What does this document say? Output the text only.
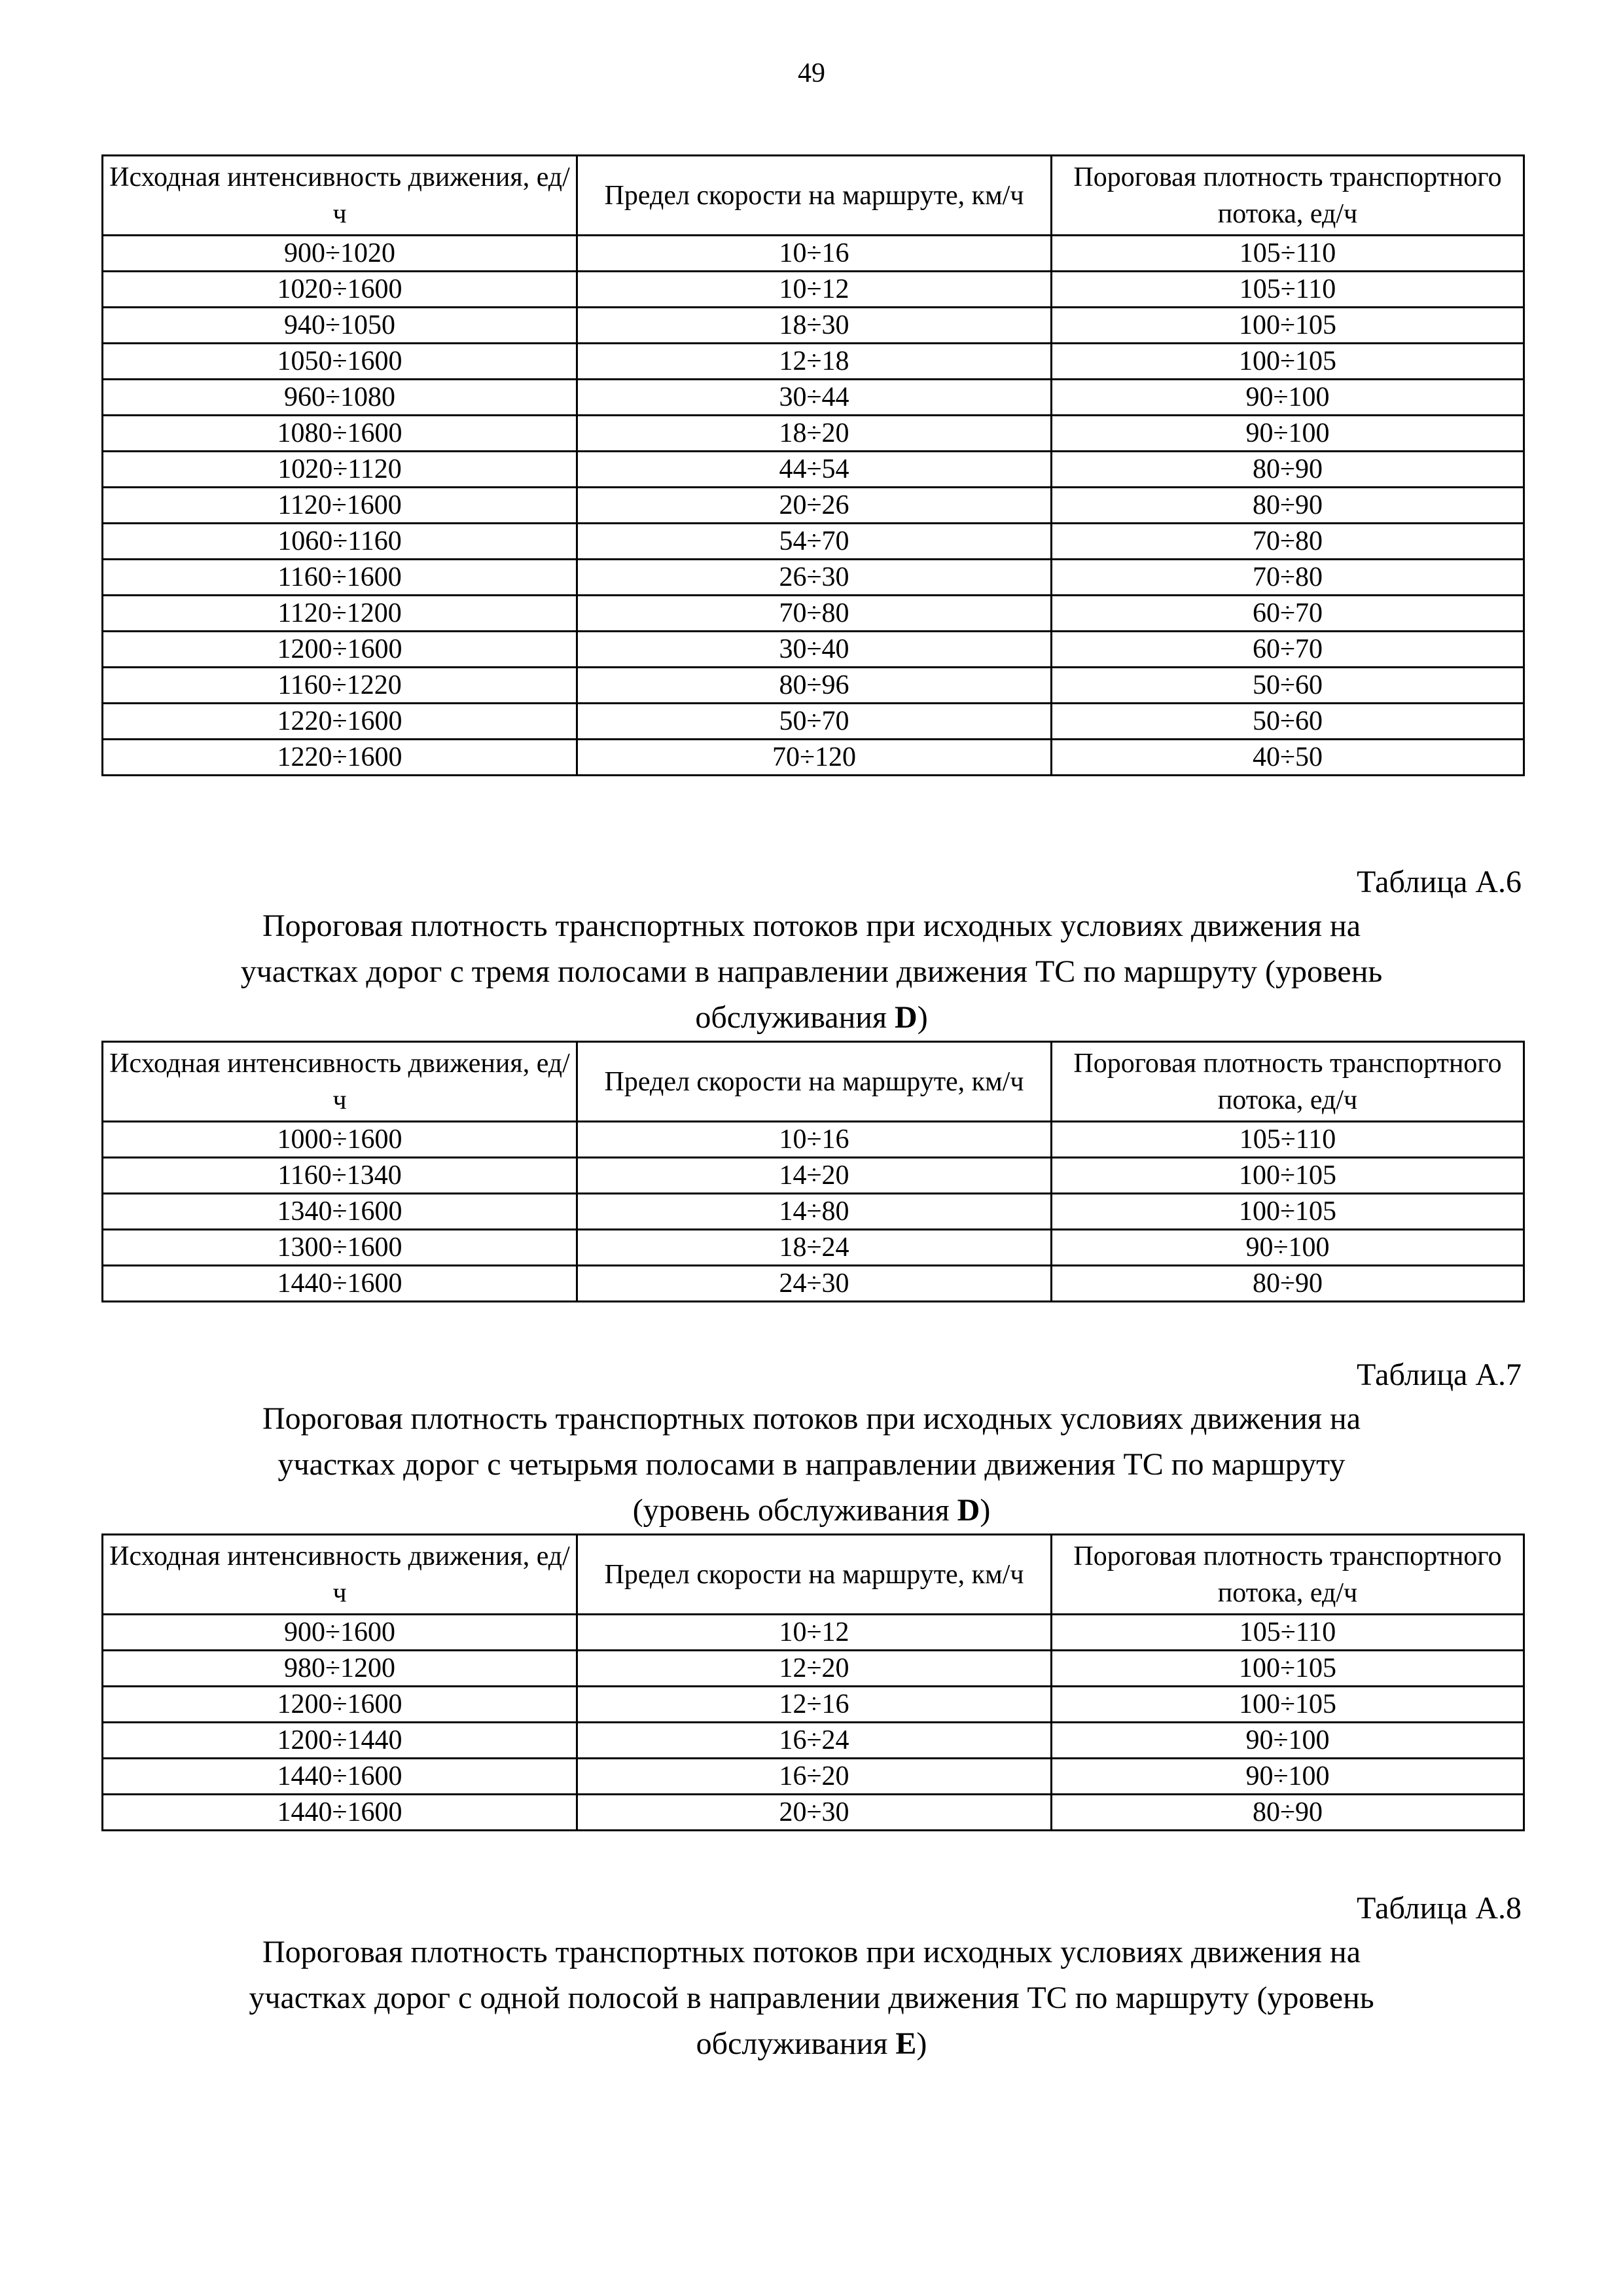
49
Исходная интенсивность движения, ед/ч	Предел скорости на маршруте, км/ч	Пороговая плотность транспортного потока, ед/ч
900÷1020	10÷16	105÷110
1020÷1600	10÷12	105÷110
940÷1050	18÷30	100÷105
1050÷1600	12÷18	100÷105
960÷1080	30÷44	90÷100
1080÷1600	18÷20	90÷100
1020÷1120	44÷54	80÷90
1120÷1600	20÷26	80÷90
1060÷1160	54÷70	70÷80
1160÷1600	26÷30	70÷80
1120÷1200	70÷80	60÷70
1200÷1600	30÷40	60÷70
1160÷1220	80÷96	50÷60
1220÷1600	50÷70	50÷60
1220÷1600	70÷120	40÷50
Таблица А.6
Пороговая плотность транспортных потоков при исходных условиях движения на
участках дорог с тремя полосами в направлении движения ТС по маршруту (уровень
обслуживания D)
Исходная интенсивность движения, ед/ч	Предел скорости на маршруте, км/ч	Пороговая плотность транспортного потока, ед/ч
1000÷1600	10÷16	105÷110
1160÷1340	14÷20	100÷105
1340÷1600	14÷80	100÷105
1300÷1600	18÷24	90÷100
1440÷1600	24÷30	80÷90
Таблица А.7
Пороговая плотность транспортных потоков при исходных условиях движения на
участках дорог с четырьмя полосами в направлении движения ТС по маршруту
(уровень обслуживания D)
Исходная интенсивность движения, ед/ч	Предел скорости на маршруте, км/ч	Пороговая плотность транспортного потока, ед/ч
900÷1600	10÷12	105÷110
980÷1200	12÷20	100÷105
1200÷1600	12÷16	100÷105
1200÷1440	16÷24	90÷100
1440÷1600	16÷20	90÷100
1440÷1600	20÷30	80÷90
Таблица А.8
Пороговая плотность транспортных потоков при исходных условиях движения на
участках дорог с одной полосой в направлении движения ТС по маршруту (уровень
обслуживания E)
